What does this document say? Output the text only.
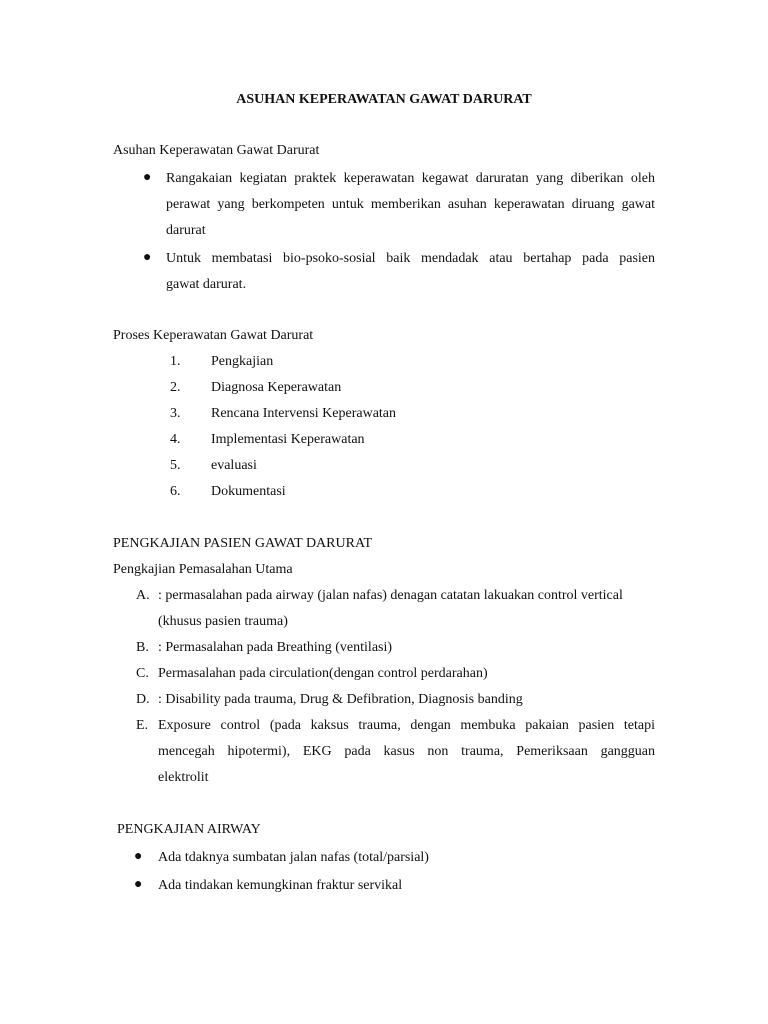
ASUHAN KEPERAWATAN GAWAT DARURAT
Asuhan Keperawatan Gawat Darurat
● Rangakaian kegiatan praktek keperawatan kegawat daruratan yang diberikan oleh
perawat yang berkompeten untuk memberikan asuhan keperawatan diruang gawat
darurat
● Untuk membatasi bio-psoko-sosial baik mendadak atau bertahap pada pasien
gawat darurat.
Proses Keperawatan Gawat Darurat
1. Pengkajian
2. Diagnosa Keperawatan
3. Rencana Intervensi Keperawatan
4. Implementasi Keperawatan
5. evaluasi
6. Dokumentasi
PENGKAJIAN PASIEN GAWAT DARURAT
Pengkajian Pemasalahan Utama
A. : permasalahan pada airway (jalan nafas) denagan catatan lakuakan control vertical
(khusus pasien trauma)
B. : Permasalahan pada Breathing (ventilasi)
C. Permasalahan pada circulation(dengan control perdarahan)
D. : Disability pada trauma, Drug & Defibration, Diagnosis banding
E. Exposure control (pada kaksus trauma, dengan membuka pakaian pasien tetapi
mencegah hipotermi), EKG pada kasus non trauma, Pemeriksaan gangguan
elektrolit
PENGKAJIAN AIRWAY
● Ada tdaknya sumbatan jalan nafas (total/parsial)
● Ada tindakan kemungkinan fraktur servikal
